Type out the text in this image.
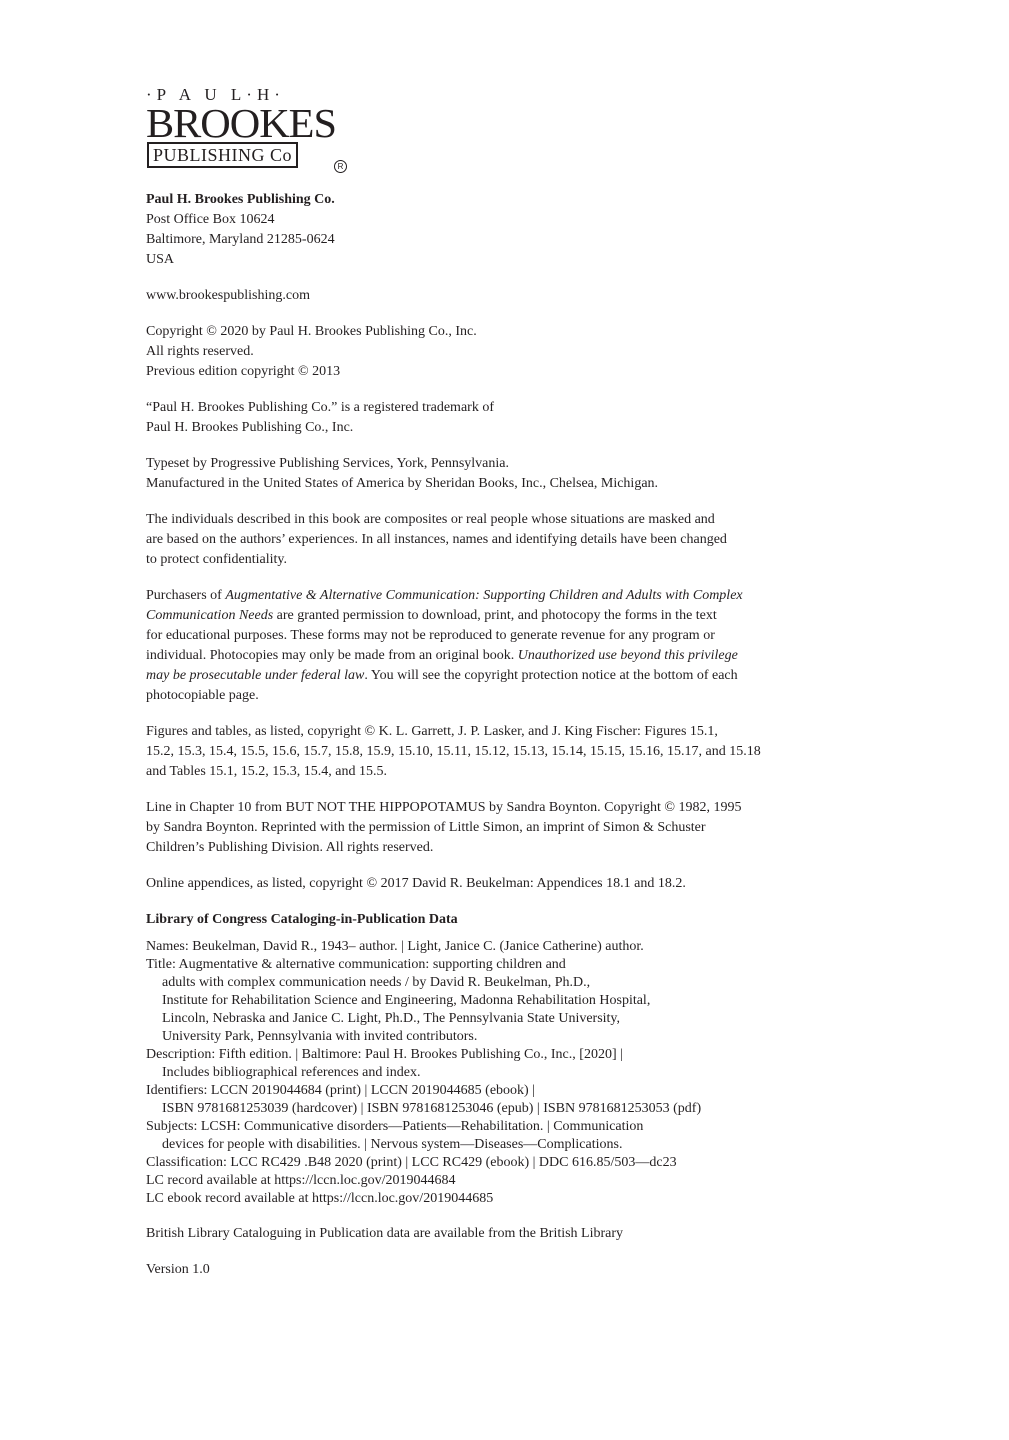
·P A U L·H·
BROOKES
PUBLISHING Co
R

Paul H. Brookes Publishing Co.

Post Office Box 10624

Baltimore, Maryland 21285-0624

USA

www.brookespublishing.com

Copyright © 2020 by Paul H. Brookes Publishing Co., Inc.

All rights reserved.

Previous edition copyright © 2013

“Paul H. Brookes Publishing Co.” is a registered trademark of

Paul H. Brookes Publishing Co., Inc.

Typeset by Progressive Publishing Services, York, Pennsylvania.

Manufactured in the United States of America by Sheridan Books, Inc., Chelsea, Michigan.

The individuals described in this book are composites or real people whose situations are masked and

are based on the authors’ experiences. In all instances, names and identifying details have been changed

to protect confidentiality.

Purchasers of Augmentative & Alternative Communication: Supporting Children and Adults with Complex

Communication Needs are granted permission to download, print, and photocopy the forms in the text

for educational purposes. These forms may not be reproduced to generate revenue for any program or

individual. Photocopies may only be made from an original book. Unauthorized use beyond this privilege

may be prosecutable under federal law. You will see the copyright protection notice at the bottom of each

photocopiable page.

Figures and tables, as listed, copyright © K. L. Garrett, J. P. Lasker, and J. King Fischer: Figures 15.1,

15.2, 15.3, 15.4, 15.5, 15.6, 15.7, 15.8, 15.9, 15.10, 15.11, 15.12, 15.13, 15.14, 15.15, 15.16, 15.17, and 15.18

and Tables 15.1, 15.2, 15.3, 15.4, and 15.5.

Line in Chapter 10 from BUT NOT THE HIPPOPOTAMUS by Sandra Boynton. Copyright © 1982, 1995

by Sandra Boynton. Reprinted with the permission of Little Simon, an imprint of Simon & Schuster

Children’s Publishing Division. All rights reserved.

Online appendices, as listed, copyright © 2017 David R. Beukelman: Appendices 18.1 and 18.2.

Library of Congress Cataloging-in-Publication Data

Names: Beukelman, David R., 1943– author. | Light, Janice C. (Janice Catherine) author.

Title: Augmentative & alternative communication: supporting children and

adults with complex communication needs / by David R. Beukelman, Ph.D.,

Institute for Rehabilitation Science and Engineering, Madonna Rehabilitation Hospital,

Lincoln, Nebraska and Janice C. Light, Ph.D., The Pennsylvania State University,

University Park, Pennsylvania with invited contributors.

Description: Fifth edition. | Baltimore: Paul H. Brookes Publishing Co., Inc., [2020] |

Includes bibliographical references and index.

Identifiers: LCCN 2019044684 (print) | LCCN 2019044685 (ebook) |

ISBN 9781681253039 (hardcover) | ISBN 9781681253046 (epub) | ISBN 9781681253053 (pdf)

Subjects: LCSH: Communicative disorders—Patients—Rehabilitation. | Communication

devices for people with disabilities. | Nervous system—Diseases—Complications.

Classification: LCC RC429 .B48 2020 (print) | LCC RC429 (ebook) | DDC 616.85/503—dc23

LC record available at https://lccn.loc.gov/2019044684

LC ebook record available at https://lccn.loc.gov/2019044685

British Library Cataloguing in Publication data are available from the British Library

Version 1.0
